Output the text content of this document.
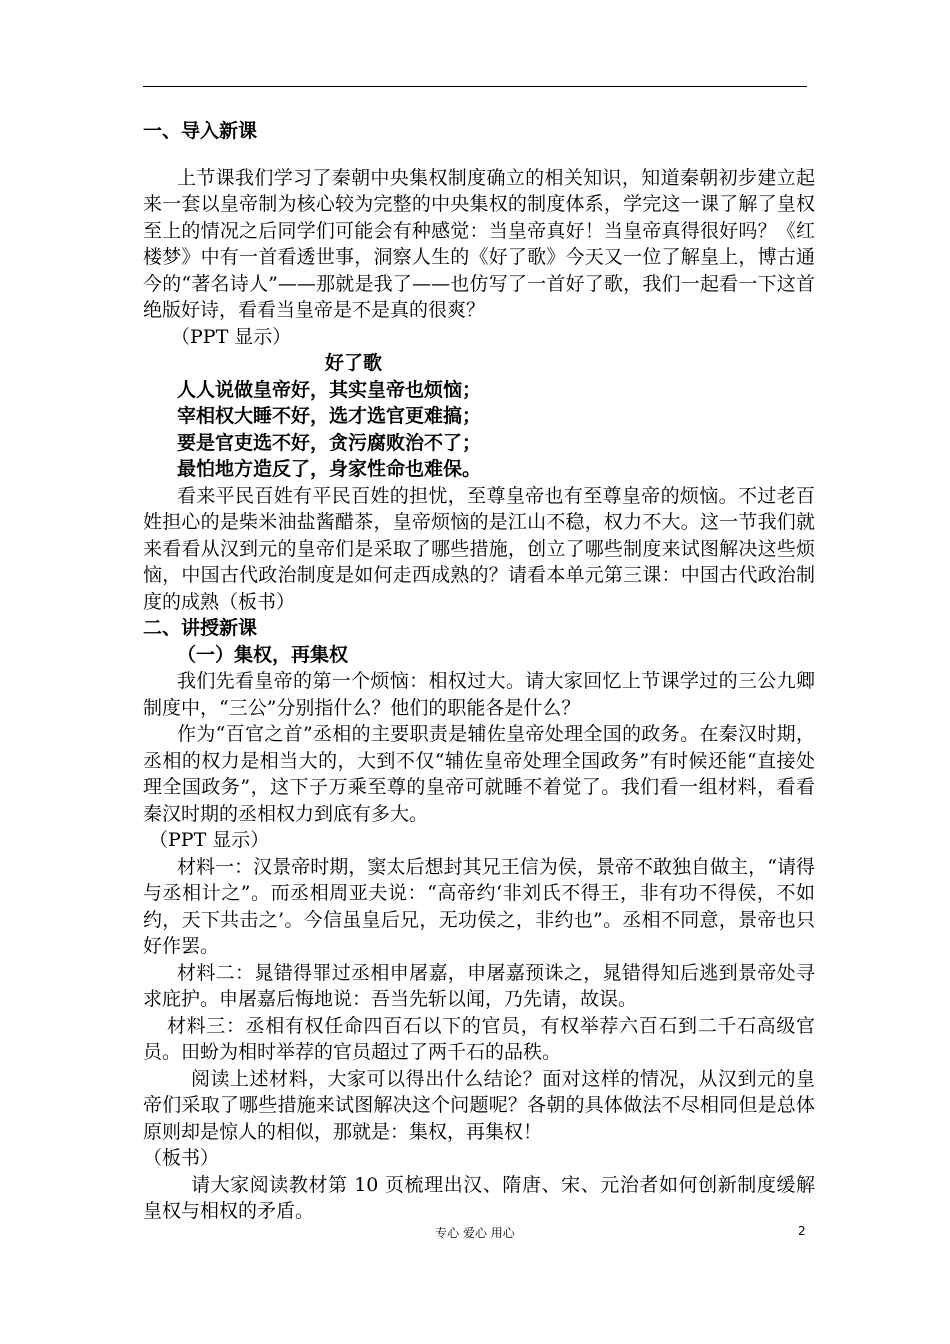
一、导入新课

上节课我们学习了秦朝中央集权制度确立的相关知识，知道秦朝初步建立起来一套以皇帝制为核心较为完整的中央集权的制度体系，学完这一课了解了皇权至上的情况之后同学们可能会有种感觉：当皇帝真好！当皇帝真得很好吗？《红楼梦》中有一首看透世事，洞察人生的《好了歌》今天又一位了解皇上，博古通今的“著名诗人”——那就是我了——也仿写了一首好了歌，我们一起看一下这首绝版好诗，看看当皇帝是不是真的很爽？

（PPT 显示）

好了歌

人人说做皇帝好，其实皇帝也烦恼；

宰相权大睡不好，选才选官更难搞；

要是官吏选不好，贪污腐败治不了；

最怕地方造反了，身家性命也难保。

看来平民百姓有平民百姓的担忧，至尊皇帝也有至尊皇帝的烦恼。不过老百姓担心的是柴米油盐酱醋茶，皇帝烦恼的是江山不稳，权力不大。这一节我们就来看看从汉到元的皇帝们是采取了哪些措施，创立了哪些制度来试图解决这些烦恼，中国古代政治制度是如何走西成熟的？请看本单元第三课：中国古代政治制度的成熟（板书）

二、讲授新课

（一）集权，再集权

我们先看皇帝的第一个烦恼：相权过大。请大家回忆上节课学过的三公九卿制度中，“三公”分别指什么？他们的职能各是什么？

作为“百官之首”丞相的主要职责是辅佐皇帝处理全国的政务。在秦汉时期，丞相的权力是相当大的，大到不仅“辅佐皇帝处理全国政务”有时候还能“直接处理全国政务”，这下子万乘至尊的皇帝可就睡不着觉了。我们看一组材料，看看秦汉时期的丞相权力到底有多大。

（PPT 显示）

材料一：汉景帝时期，窦太后想封其兄王信为侯，景帝不敢独自做主，“请得与丞相计之”。而丞相周亚夫说：“高帝约‘非刘氏不得王，非有功不得侯，不如约，天下共击之’。今信虽皇后兄，无功侯之，非约也”。丞相不同意，景帝也只好作罢。

材料二：晁错得罪过丞相申屠嘉，申屠嘉预诛之，晁错得知后逃到景帝处寻求庇护。申屠嘉后悔地说：吾当先斩以闻，乃先请，故误。

材料三：丞相有权任命四百石以下的官员，有权举荐六百石到二千石高级官员。田蚡为相时举荐的官员超过了两千石的品秩。

阅读上述材料，大家可以得出什么结论？面对这样的情况，从汉到元的皇帝们采取了哪些措施来试图解决这个问题呢？各朝的具体做法不尽相同但是总体原则却是惊人的相似，那就是：集权，再集权！

（板书）

请大家阅读教材第 10 页梳理出汉、隋唐、宋、元治者如何创新制度缓解皇权与相权的矛盾。

专心 爱心 用心	2
